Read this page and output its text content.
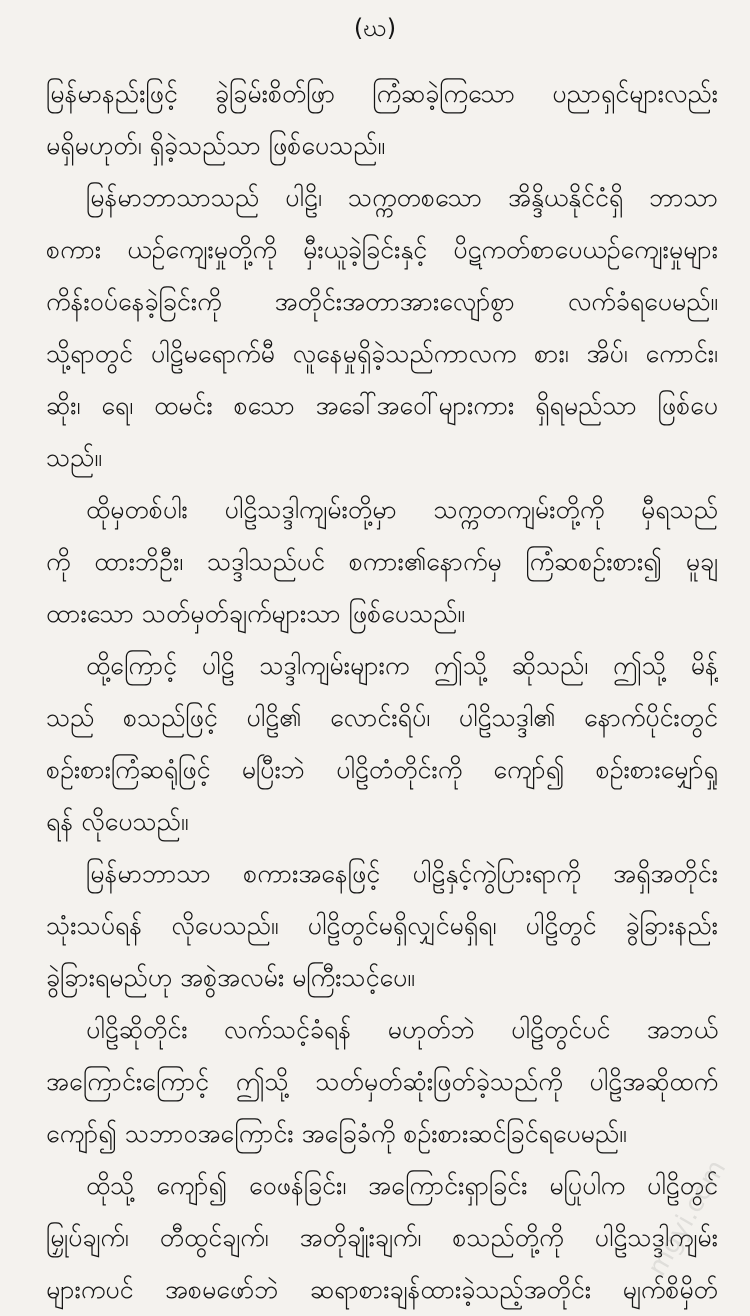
(ဃ)
မြန်မာနည်းဖြင့် ခွဲခြမ်းစိတ်ဖြာ ကြံဆခဲ့ကြသော ပညာရှင်များလည်း
မရှိမဟုတ်၊ ရှိခဲ့သည်သာ ဖြစ်ပေသည်။
မြန်မာဘာသာသည် ပါဠိ၊ သက္ကတစသော အိန္ဒိယနိုင်ငံရှိ ဘာသာ
စကား ယဉ်ကျေးမှုတို့ကို မှီးယူခဲ့ခြင်းနှင့် ပိဋကတ်စာပေယဉ်ကျေးမှုများ
ကိန်းဝပ်နေခဲ့ခြင်းကို အတိုင်းအတာအားလျော်စွာ လက်ခံရပေမည်။
သို့ရာတွင် ပါဠိမရောက်မီ လူနေမှုရှိခဲ့သည်ကာလက စား၊ အိပ်၊ ကောင်း၊
ဆိုး၊ ရေ၊ ထမင်း စသော အခေါ်အဝေါ်များကား ရှိရမည်သာ ဖြစ်ပေ
သည်။
ထိုမှတစ်ပါး ပါဠိသဒ္ဒါကျမ်းတို့မှာ သက္ကတကျမ်းတို့ကို မှီရသည်
ကို ထားဘိဦး၊ သဒ္ဒါသည်ပင် စကား၏နောက်မှ ကြံဆစဉ်းစား၍ မူချ
ထားသော သတ်မှတ်ချက်များသာ ဖြစ်ပေသည်။
ထို့ကြောင့် ပါဠိ သဒ္ဒါကျမ်းများက ဤသို့ ဆိုသည်၊ ဤသို့ မိန့်
သည် စသည်ဖြင့် ပါဠိ၏ လောင်းရိပ်၊ ပါဠိသဒ္ဒါ၏ နောက်ပိုင်းတွင်
စဉ်းစားကြံဆရုံဖြင့် မပြီးဘဲ ပါဠိတံတိုင်းကို ကျော်၍ စဉ်းစားမျှော်ရှု
ရန် လိုပေသည်။
မြန်မာဘာသာ စကားအနေဖြင့် ပါဠိနှင့်ကွဲပြားရာကို အရှိအတိုင်း
သုံးသပ်ရန် လိုပေသည်။ ပါဠိတွင်မရှိလျှင်မရှိရ၊ ပါဠိတွင် ခွဲခြားနည်း
ခွဲခြားရမည်ဟု အစွဲအလမ်း မကြီးသင့်ပေ။
ပါဠိဆိုတိုင်း လက်သင့်ခံရန် မဟုတ်ဘဲ ပါဠိတွင်ပင် အဘယ်
အကြောင်းကြောင့် ဤသို့ သတ်မှတ်ဆုံးဖြတ်ခဲ့သည်ကို ပါဠိအဆိုထက်
ကျော်၍ သဘာဝအကြောင်း အခြေခံကို စဉ်းစားဆင်ခြင်ရပေမည်။
ထိုသို့ ကျော်၍ ဝေဖန်ခြင်း၊ အကြောင်းရှာခြင်း မပြုပါက ပါဠိတွင်
မြှုပ်ချက်၊ တီထွင်ချက်၊ အတိုချုံးချက်၊ စသည်တို့ကို ပါဠိသဒ္ဒါကျမ်း
များကပင် အစမဖော်ဘဲ ဆရာစားချန်ထားခဲ့သည့်အတိုင်း မျက်စိမှိတ်
mgyi.com
